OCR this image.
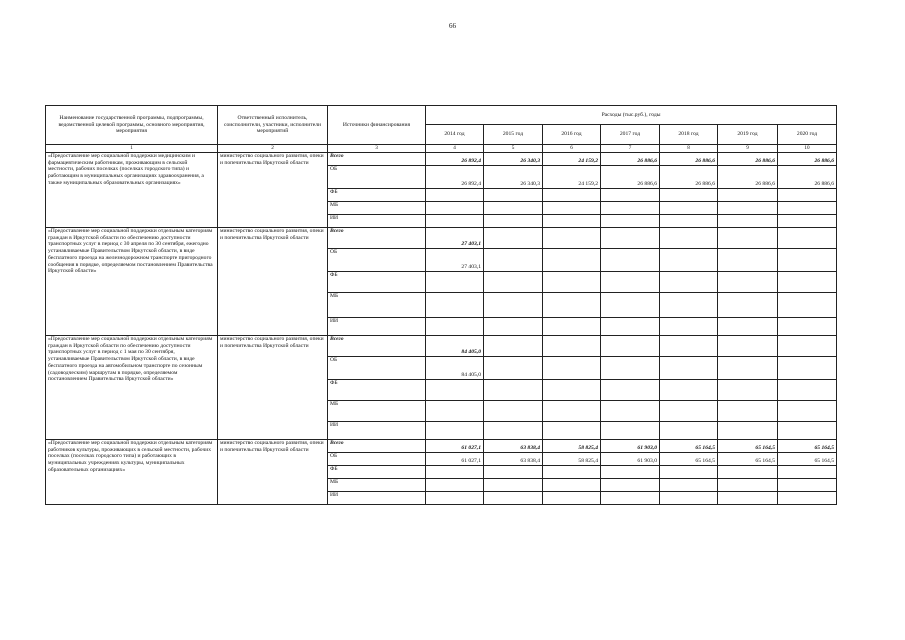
66
Наименование государственной программы, подпрограммы, ведомственной целевой программы, основного мероприятия, мероприятия	Ответственный исполнитель, соисполнители, участники, исполнители мероприятий	Источники финансирования	Расходы (тыс.руб.), годы						
			2014 год	2015 год	2016 год	2017 год	2018 год	2019 год	2020 год
1	2	3	4	5	6	7	8	9	10
«Предоставление мер социальной поддержки медицинским и фармацевтическим работникам, проживающим в сельской местности, рабочих поселках (поселках городского типа) и работающим в муниципальных организациях здравоохранения, а также муниципальных образовательных организациях»	министерство социального развития, опеки и попечительства Иркутской области	Всего	26 892,4	26 340,3	24 159,2	26 886,6	26 886,6	26 886,6	26 886,6
		ОБ	26 892,4	26 340,3	24 159,2	26 886,6	26 886,6	26 886,6	26 886,6
		ФБ							
		МБ							
		ИИ							
«Предоставление мер социальной поддержки отдельным категориям граждан в Иркутской области по обеспечению доступности транспортных услуг в период с 30 апреля по 30 сентября, ежегодно устанавливаемые Правительством Иркутской области, в виде бесплатного проезда на железнодорожном транспорте пригородного сообщения в порядке, определяемом постановлением Правительства Иркутской области»	министерство социального развития, опеки и попечительства Иркутской области	Всего	27 403,1						
		ОБ	27 403,1						
		ФБ							
		МБ							
		ИИ							
«Предоставление мер социальной поддержки отдельным категориям граждан в Иркутской области по обеспечению доступности транспортных услуг в период с 1 мая по 30 сентября, устанавливаемые Правительством Иркутской области, в виде бесплатного проезда на автомобильном транспорте по сезонным (садоводческим) маршрутам в порядке, определяемом постановлением Правительства Иркутской области»	министерство социального развития, опеки и попечительства Иркутской области	Всего	84 405,0						
		ОБ	84 405,0						
		ФБ							
		МБ							
		ИИ							
«Предоставление мер социальной поддержки отдельным категориям работников культуры, проживающих в сельской местности, рабочих поселках (поселках городского типа) и работающих в муниципальных учреждениях культуры, муниципальных образовательных организациях»	министерство социального развития, опеки и попечительства Иркутской области	Всего	61 027,1	63 838,4	58 825,4	61 903,0	65 164,5	65 164,5	65 164,5
		ОБ	61 027,1	63 838,4	58 825,4	61 903,0	65 164,5	65 164,5	65 164,5
		ФБ							
		МБ							
		ИИ							
